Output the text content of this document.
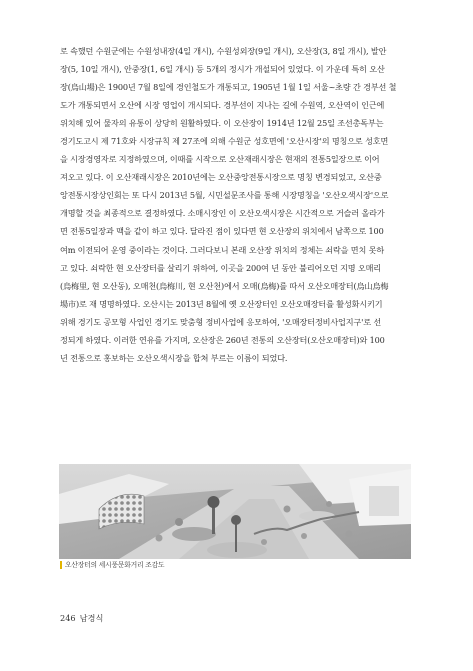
로 속했던 수원군에는 수원성내장(4일 개시), 수원성외장(9일 개시), 오산장(3, 8일 개시), 발안
장(5, 10일 개시), 안중장(1, 6일 개시) 등 5개의 정시가 개설되어 있었다. 이 가운데 특히 오산
장(烏山場)은 1900년 7월 8일에 경인철도가 개통되고, 1905년 1월 1일 서울~초량 간 경부선 철
도가 개통되면서 오산에 시장 영업이 개시되다. 경부선이 지나는 길에 수원역, 오산역이 인근에
위치해 있어 물자의 유통이 상당히 원활하였다. 이 오산장이 1914년 12월 25일 조선총독부는
경기도고시 제 71호와 시장규칙 제 27조에 의해 수원군 성호면에 '오산시장'의 명칭으로 성호면
을 시장경영자로 지정하였으며, 이때를 시작으로 오산재래시장은 현재의 전통5일장으로 이어
져오고 있다. 이 오산재래시장은 2010년에는 오산중앙전통시장으로 명칭 변경되었고, 오산중
앙전통시장상인회는 또 다시 2013년 5월, 시민설문조사를 통해 시장명칭을 '오산오색시장'으로
개명할 것을 최종적으로 결정하였다. 소매시장인 이 오산오색시장은 시간적으로 거슬러 올라가
면 전통5일장과 맥을 같이 하고 있다. 달라진 점이 있다면 현 오산장의 위치에서 남쪽으로 100
여m 이전되어 운영 중이라는 것이다. 그러다보니 본래 오산장 위치의 정체는 쇠락을 면치 못하
고 있다. 쇠락한 현 오산장터를 살리기 위하여, 이곳을 200여 년 동안 불리어오던 지명 오매리
(烏梅里, 현 오산동), 오매천(烏梅川, 현 오산천)에서 오매(烏梅)를 따서 오산오매장터(烏山烏梅
場市)로 재 명명하였다. 오산시는 2013년 8월에 옛 오산장터인 오산오매장터를 활성화시키기
위해 경기도 공모형 사업인 경기도 맞춤형 정비사업에 응모하여, '오매장터정비사업지구'로 선
정되게 하였다. 이러한 연유를 가지며, 오산장은 260년 전통의 오산장터(오산오매장터)와 100
년 전통으로 홍보하는 오산오색시장을 합쳐 부르는 이름이 되었다.
오산장터의 세시풍문화거리 조감도
246 남경식
